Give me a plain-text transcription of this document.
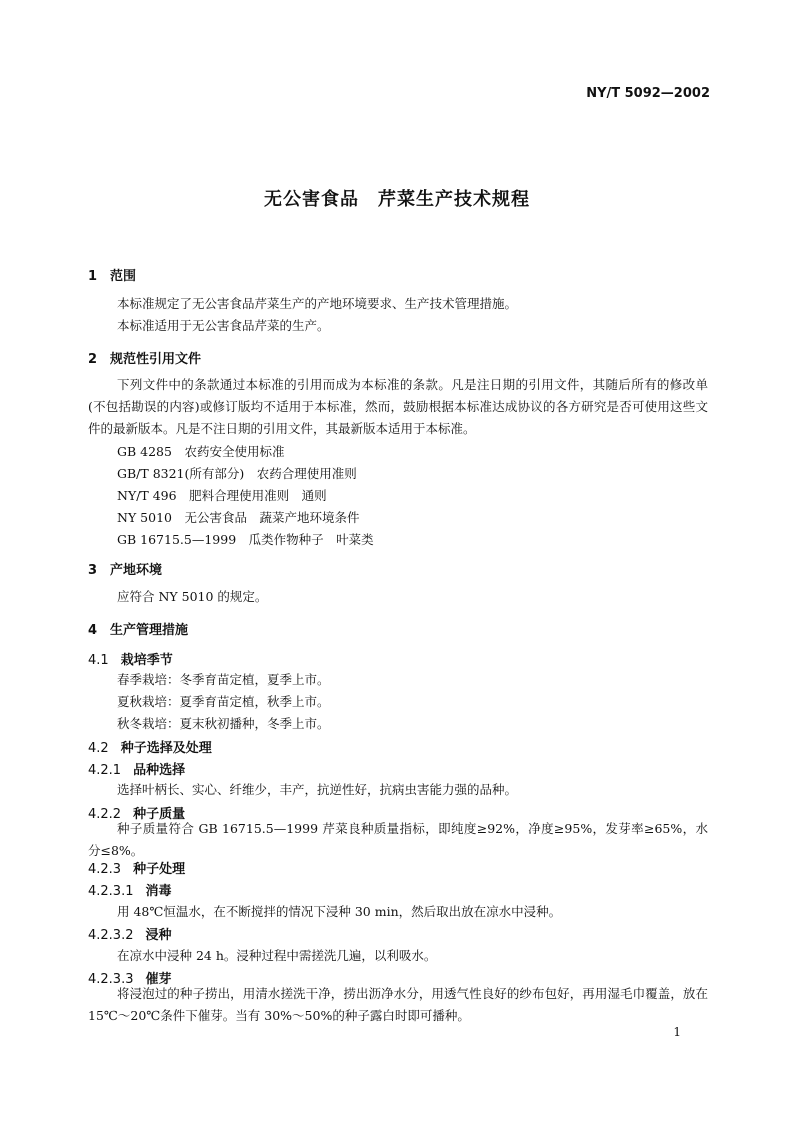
NY/T 5092—2002
无公害食品　芹菜生产技术规程
1 范围
本标准规定了无公害食品芹菜生产的产地环境要求、生产技术管理措施。
本标准适用于无公害食品芹菜的生产。
2 规范性引用文件
下列文件中的条款通过本标准的引用而成为本标准的条款。凡是注日期的引用文件，其随后所有的修改单(不包括勘误的内容)或修订版均不适用于本标准，然而，鼓励根据本标准达成协议的各方研究是否可使用这些文件的最新版本。凡是不注日期的引用文件，其最新版本适用于本标准。
GB 4285　农药安全使用标准
GB/T 8321(所有部分)　农药合理使用准则
NY/T 496　肥料合理使用准则　通则
NY 5010　无公害食品　蔬菜产地环境条件
GB 16715.5—1999　瓜类作物种子　叶菜类
3 产地环境
应符合 NY 5010 的规定。
4 生产管理措施
4.1 栽培季节
春季栽培：冬季育苗定植，夏季上市。
夏秋栽培：夏季育苗定植，秋季上市。
秋冬栽培：夏末秋初播种，冬季上市。
4.2 种子选择及处理
4.2.1 品种选择
选择叶柄长、实心、纤维少，丰产，抗逆性好，抗病虫害能力强的品种。
4.2.2 种子质量
种子质量符合 GB 16715.5—1999 芹菜良种质量指标，即纯度≥92%，净度≥95%，发芽率≥65%，水分≤8%。
4.2.3 种子处理
4.2.3.1 消毒
用 48℃恒温水，在不断搅拌的情况下浸种 30 min，然后取出放在凉水中浸种。
4.2.3.2 浸种
在凉水中浸种 24 h。浸种过程中需搓洗几遍，以利吸水。
4.2.3.3 催芽
将浸泡过的种子捞出，用清水搓洗干净，捞出沥净水分，用透气性良好的纱布包好，再用湿毛巾覆盖，放在 15℃～20℃条件下催芽。当有 30%～50%的种子露白时即可播种。
1
